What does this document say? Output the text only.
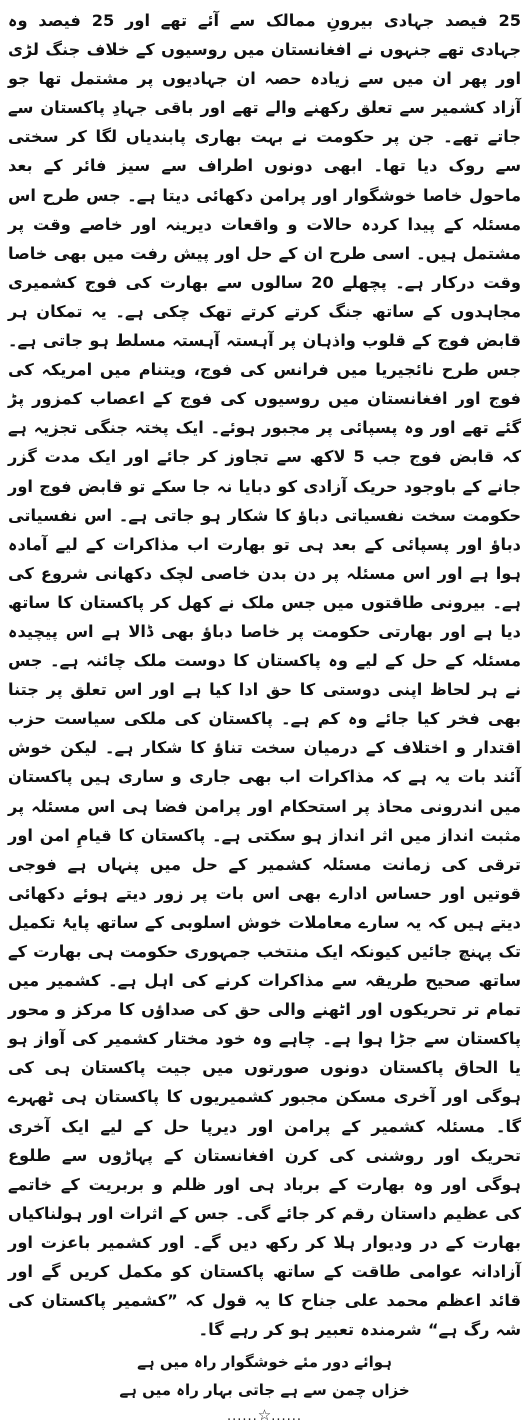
25 فیصد جہادی بیرونِ ممالک سے آئے تھے اور 25 فیصد وہ جہادی تھے جنہوں نے افغانستان میں روسیوں کے خلاف جنگ لڑی اور پھر ان میں سے زیادہ حصہ ان جہادیوں پر مشتمل تھا جو آزاد کشمیر سے تعلق رکھنے والے تھے اور باقی جہادِ پاکستان سے جاتے تھے۔ جن پر حکومت نے بہت بھاری پابندیاں لگا کر سختی سے روک دیا تھا۔ ابھی دونوں اطراف سے سیز فائر کے بعد ماحول خاصا خوشگوار اور پرامن دکھائی دیتا ہے۔ جس طرح اس مسئلہ کے پیدا کردہ حالات و واقعات دیرینہ اور خاصے وقت پر مشتمل ہیں۔ اسی طرح ان کے حل اور پیش رفت میں بھی خاصا وقت درکار ہے۔ پچھلے 20 سالوں سے بھارت کی فوج کشمیری مجاہدوں کے ساتھ جنگ کرتے کرتے تھک چکی ہے۔ یہ تمکان ہر قابض فوج کے قلوب واذہان پر آہستہ آہستہ مسلط ہو جاتی ہے۔ جس طرح نائجیریا میں فرانس کی فوج، ویتنام میں امریکہ کی فوج اور افغانستان میں روسیوں کی فوج کے اعصاب کمزور پڑ گئے تھے اور وہ پسپائی پر مجبور ہوئے۔ ایک پختہ جنگی تجزیہ ہے کہ قابض فوج جب 5 لاکھ سے تجاوز کر جائے اور ایک مدت گزر جانے کے باوجود حریک آزادی کو دبایا نہ جا سکے تو قابض فوج اور حکومت سخت نفسیاتی دباؤ کا شکار ہو جاتی ہے۔ اس نفسیاتی دباؤ اور پسپائی کے بعد ہی تو بھارت اب مذاکرات کے لیے آمادہ ہوا ہے اور اس مسئلہ پر دن بدن خاصی لچک دکھانی شروع کی ہے۔ بیرونی طاقتوں میں جس ملک نے کھل کر پاکستان کا ساتھ دیا ہے اور بھارتی حکومت پر خاصا دباؤ بھی ڈالا ہے اس پیچیدہ مسئلہ کے حل کے لیے وہ پاکستان کا دوست ملک چائنہ ہے۔ جس نے ہر لحاظ اپنی دوستی کا حق ادا کیا ہے اور اس تعلق پر جتنا بھی فخر کیا جائے وہ کم ہے۔ پاکستان کی ملکی سیاست حزب اقتدار و اختلاف کے درمیان سخت تناؤ کا شکار ہے۔ لیکن خوش آئند بات یہ ہے کہ مذاکرات اب بھی جاری و ساری ہیں پاکستان میں اندرونی محاذ پر استحکام اور پرامن فضا ہی اس مسئلہ پر مثبت انداز میں اثر انداز ہو سکتی ہے۔ پاکستان کا قیامِ امن اور ترقی کی زمانت مسئلہ کشمیر کے حل میں پنہاں ہے فوجی قوتیں اور حساس ادارے بھی اس بات پر زور دیتے ہوئے دکھائی دیتے ہیں کہ یہ سارے معاملات خوش اسلوبی کے ساتھ پایۂ تکمیل تک پہنچ جائیں کیونکہ ایک منتخب جمہوری حکومت ہی بھارت کے ساتھ صحیح طریقہ سے مذاکرات کرنے کی اہل ہے۔ کشمیر میں تمام تر تحریکوں اور اٹھنے والی حق کی صداؤں کا مرکز و محور پاکستان سے جڑا ہوا ہے۔ چاہے وہ خود مختار کشمیر کی آواز ہو یا الحاق پاکستان دونوں صورتوں میں جیت پاکستان ہی کی ہوگی اور آخری مسکن مجبور کشمیریوں کا پاکستان ہی ٹھہرے گا۔ مسئلہ کشمیر کے پرامن اور دیرپا حل کے لیے ایک آخری تحریک اور روشنی کی کرن افغانستان کے پہاڑوں سے طلوع ہوگی اور وہ بھارت کے برباد ہی اور ظلم و بربریت کے خاتمے کی عظیم داستان رقم کر جائے گی۔ جس کے اثرات اور ہولناکیاں بھارت کے در ودیوار ہلا کر رکھ دیں گے۔ اور کشمیر باعزت اور آزادانہ عوامی طاقت کے ساتھ پاکستان کو مکمل کریں گے اور قائد اعظم محمد علی جناح کا یہ قول کہ ”کشمیر پاکستان کی شہ رگ ہے“ شرمندہ تعبیر ہو کر رہے گا۔

ہوائے دور مئے خوشگوار راہ میں ہے
خزاں چمن سے ہے جاتی بہار راہ میں ہے
......☆......
